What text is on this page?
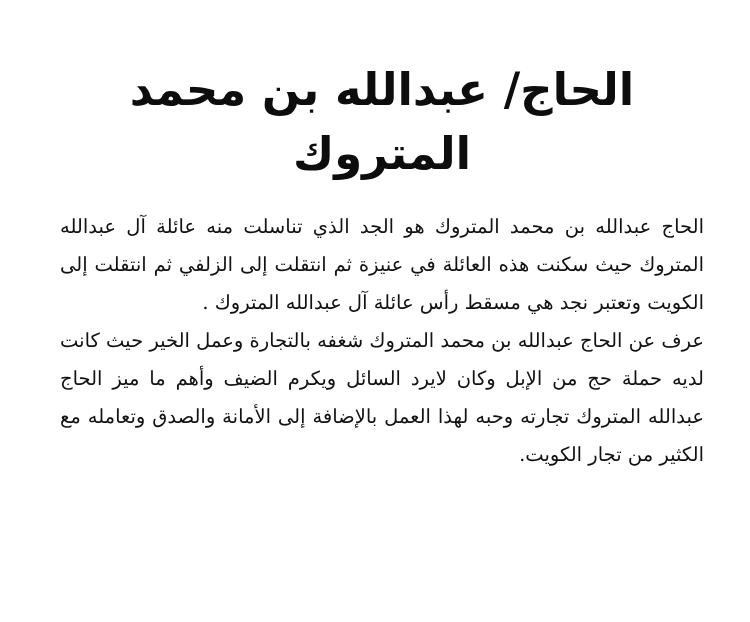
الحاج/ عبدالله بن محمد المتروك

الحاج عبدالله بن محمد المتروك هو الجد الذي تناسلت منه عائلة آل عبدالله المتروك حيث سكنت هذه العائلة في عنيزة ثم انتقلت إلى الزلفي ثم انتقلت إلى الكويت وتعتبر نجد هي مسقط رأس عائلة آل عبدالله المتروك .

عرف عن الحاج عبدالله بن محمد المتروك شغفه بالتجارة وعمل الخير حيث كانت لديه حملة حج من الإبل وكان لايرد السائل ويكرم الضيف وأهم ما ميز الحاج عبدالله المتروك تجارته وحبه لهذا العمل بالإضافة إلى الأمانة والصدق وتعامله مع الكثير من تجار الكويت.
